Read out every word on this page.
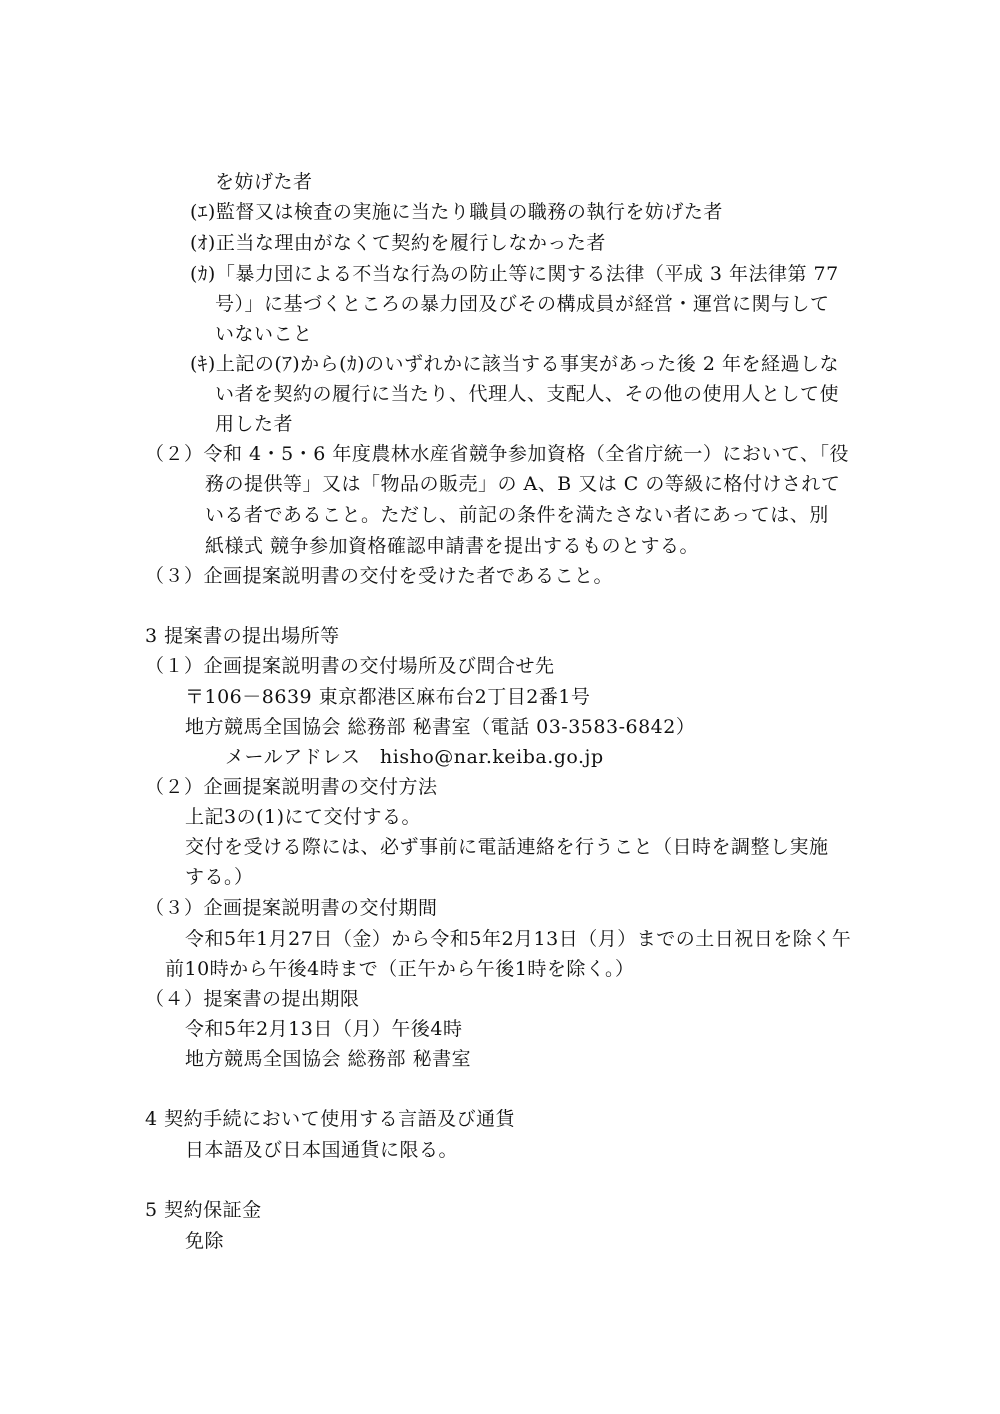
を妨げた者
(ｴ)監督又は検査の実施に当たり職員の職務の執行を妨げた者
(ｵ)正当な理由がなくて契約を履行しなかった者
(ｶ)「暴力団による不当な行為の防止等に関する法律（平成 3 年法律第 77
号）」に基づくところの暴力団及びその構成員が経営・運営に関与して
いないこと
(ｷ)上記の(ｱ)から(ｶ)のいずれかに該当する事実があった後 2 年を経過しな
い者を契約の履行に当たり、代理人、支配人、その他の使用人として使
用した者
（２）令和 4・5・6 年度農林水産省競争参加資格（全省庁統一）において、「役
務の提供等」又は「物品の販売」の A、B 又は C の等級に格付けされて
いる者であること。ただし、前記の条件を満たさない者にあっては、別
紙様式 競争参加資格確認申請書を提出するものとする。
（３）企画提案説明書の交付を受けた者であること。
3 提案書の提出場所等
（１）企画提案説明書の交付場所及び問合せ先
〒106－8639 東京都港区麻布台2丁目2番1号
地方競馬全国協会 総務部 秘書室（電話 03-3583-6842）
メールアドレス　hisho@nar.keiba.go.jp
（２）企画提案説明書の交付方法
上記3の(1)にて交付する。
交付を受ける際には、必ず事前に電話連絡を行うこと（日時を調整し実施
する。）
（３）企画提案説明書の交付期間
令和5年1月27日（金）から令和5年2月13日（月）までの土日祝日を除く午
前10時から午後4時まで（正午から午後1時を除く。）
（４）提案書の提出期限
令和5年2月13日（月）午後4時
地方競馬全国協会 総務部 秘書室
4 契約手続において使用する言語及び通貨
日本語及び日本国通貨に限る。
5 契約保証金
免除
